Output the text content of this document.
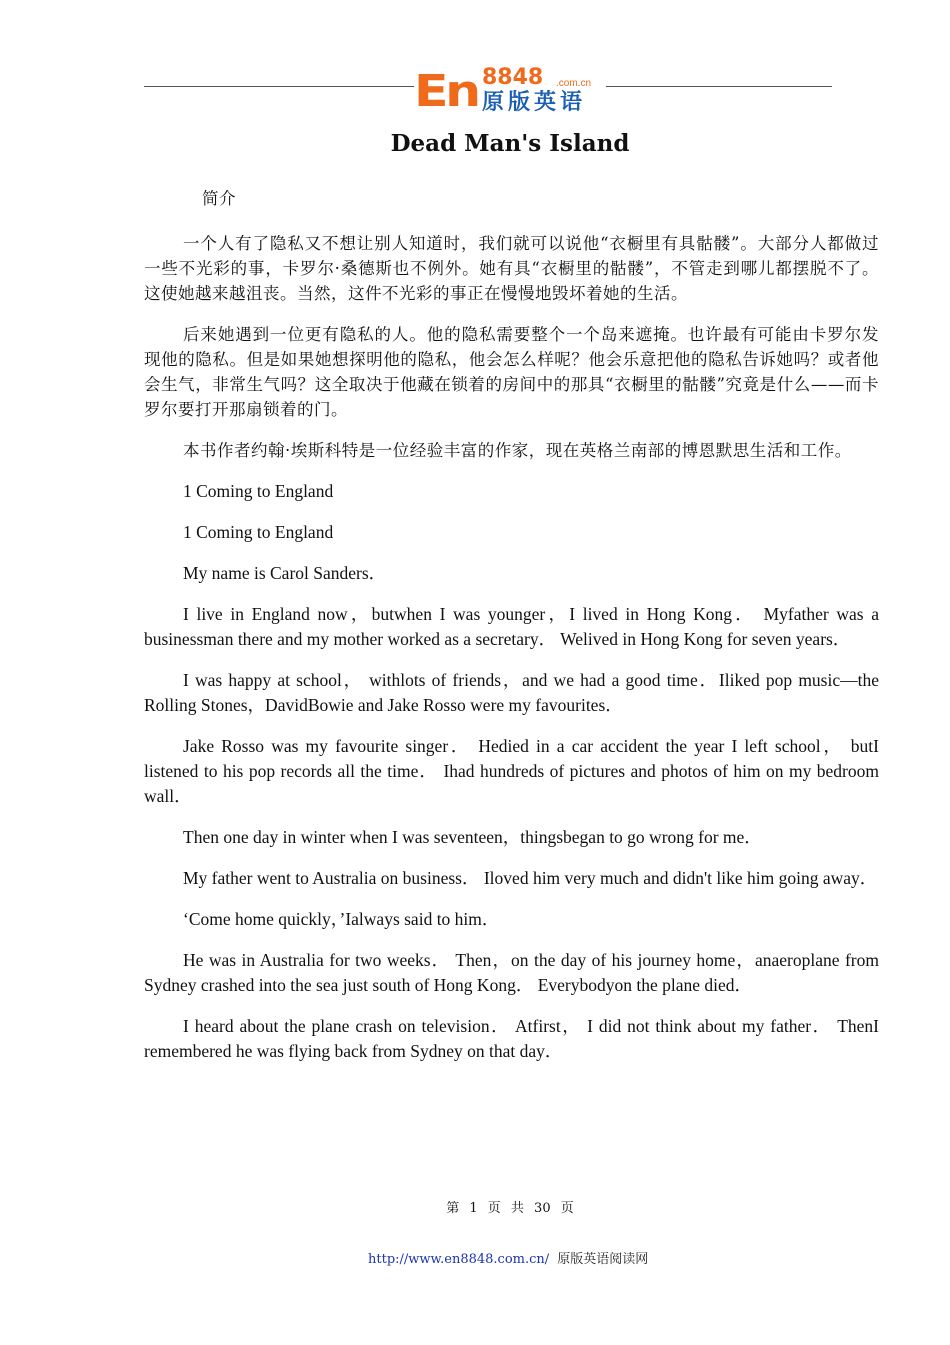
En 8848 .com.cn
原版英语
Dead Man's Island

简介

一个人有了隐私又不想让别人知道时，我们就可以说他“衣橱里有具骷髅”。大部分人都做过一些不光彩的事，卡罗尔·桑德斯也不例外。她有具“衣橱里的骷髅”，不管走到哪儿都摆脱不了。这使她越来越沮丧。当然，这件不光彩的事正在慢慢地毁坏着她的生活。

后来她遇到一位更有隐私的人。他的隐私需要整个一个岛来遮掩。也许最有可能由卡罗尔发现他的隐私。但是如果她想探明他的隐私，他会怎么样呢？他会乐意把他的隐私告诉她吗？或者他会生气，非常生气吗？这全取决于他藏在锁着的房间中的那具“衣橱里的骷髅”究竟是什么——而卡罗尔要打开那扇锁着的门。

本书作者约翰·埃斯科特是一位经验丰富的作家，现在英格兰南部的博恩默思生活和工作。

1 Coming to England

1 Coming to England

My name is Carol Sanders．

I live in England now，butwhen I was younger，I lived in Hong Kong． Myfather was a businessman there and my mother worked as a secretary． Welived in Hong Kong for seven years．

I was happy at school， withlots of friends，and we had a good time．Iliked pop music—the Rolling Stones，DavidBowie and Jake Rosso were my favourites．

Jake Rosso was my favourite singer． Hedied in a car accident the year I left school， butI listened to his pop records all the time． Ihad hundreds of pictures and photos of him on my bedroom wall．

Then one day in winter when I was seventeen，thingsbegan to go wrong for me．

My father went to Australia on business． Iloved him very much and didn't like him going away．

‘Come home quickly，’Ialways said to him．

He was in Australia for two weeks． Then，on the day of his journey home，anaeroplane from Sydney crashed into the sea just south of Hong Kong． Everybodyon the plane died．

I heard about the plane crash on television． Atfirst， I did not think about my father． ThenI remembered he was flying back from Sydney on that day．

第 1 页 共 30 页
http://www.en8848.com.cn/ 原版英语阅读网
